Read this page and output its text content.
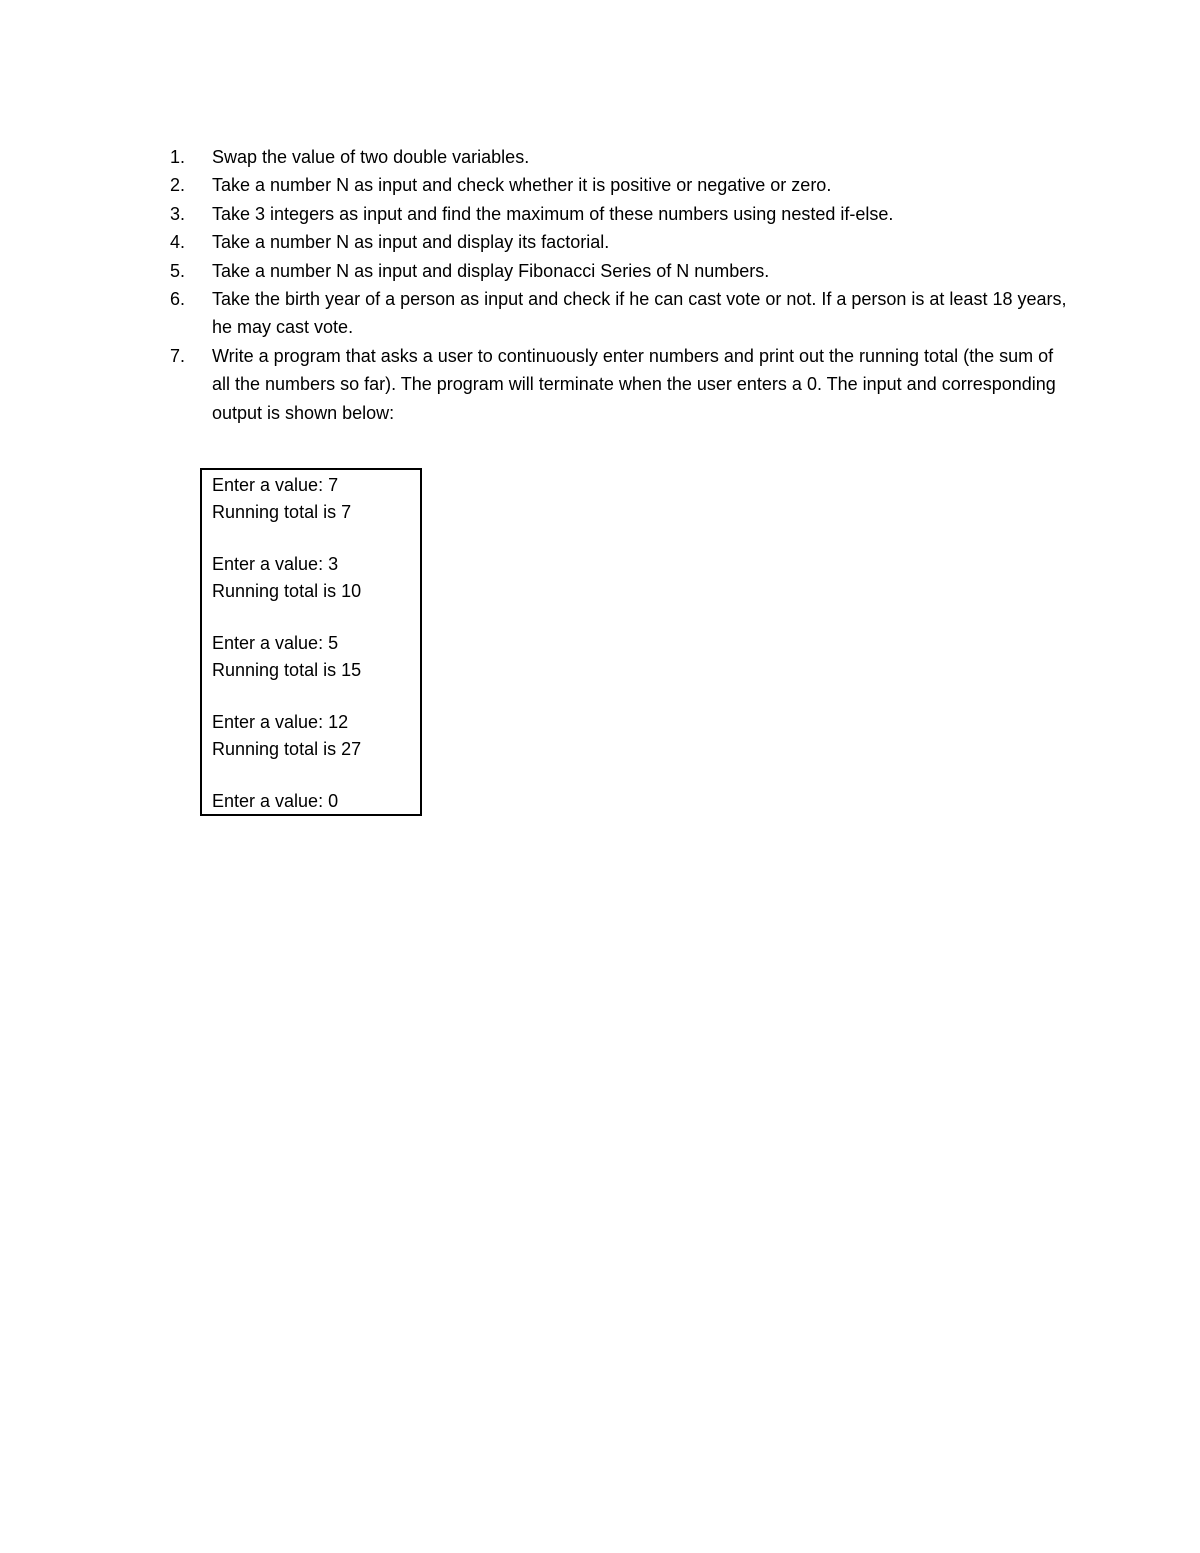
1.	Swap the value of two double variables.
2.	Take a number N as input and check whether it is positive or negative or zero.
3.	Take 3 integers as input and find the maximum of these numbers using nested if-else.
4.	Take a number N as input and display its factorial.
5.	Take a number N as input and display Fibonacci Series of N numbers.
6.	Take the birth year of a person as input and check if he can cast vote or not. If a person is at least 18 years, he may cast vote.
7.	Write a program that asks a user to continuously enter numbers and print out the running total (the sum of all the numbers so far). The program will terminate when the user enters a 0. The input and corresponding output is shown below:
Enter a value: 7
Running total is 7
Enter a value: 3
Running total is 10
Enter a value: 5
Running total is 15
Enter a value: 12
Running total is 27
Enter a value: 0
